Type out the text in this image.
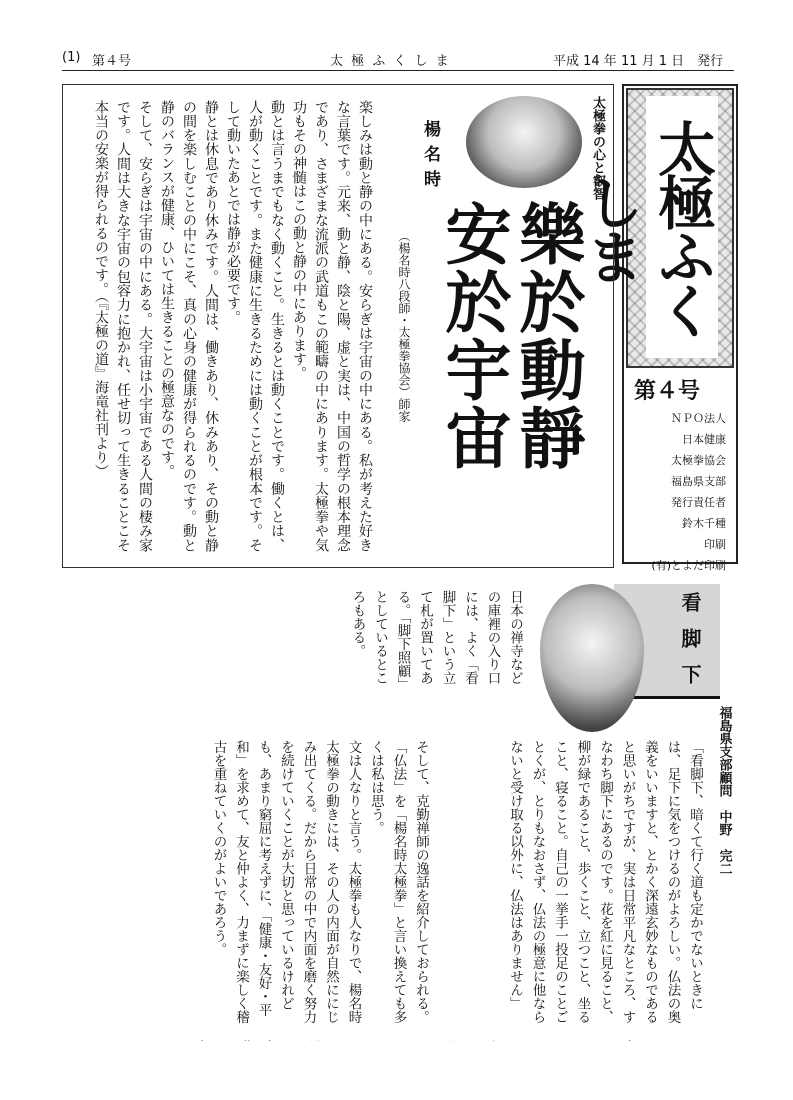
(1) 第４号	太 極 ふ く し ま	平成 14 年 11 月 1 日　発行
太極ふくしま
第４号
ＮＰＯ法人
日本健康
太極拳協会
福島県支部
発行責任者
鈴木千種
印刷
(有)とよだ印刷
太極拳の心と叡智
楊名時
（楊名時八段師・太極拳協会）師家 樂於動靜
安於宇宙

楽しみは動と静の中にある。安らぎは宇宙の中にある。私が考えた好きな言葉です。元来、動と静、陰と陽、虚と実は、中国の哲学の根本理念であり、さまざまな流派の武道もこの範疇の中にあります。太極拳や気功もその神髄はこの動と静の中にあります。

動とは言うまでもなく動くこと。生きるとは動くことです。働くとは、人が動くことです。また健康に生きるためには動くことが根本です。そして動いたあとでは静が必要です。

静とは休息であり休みです。人間は、働きあり、休みあり、その動と静の間を楽しむことの中にこそ、真の心身の健康が得られるのです。動と静のバランスが健康、ひいては生きることの極意なのです。

そして、安らぎは宇宙の中にある。大宇宙は小宇宙である人間の棲み家です。人間は大きな宇宙の包容力に抱かれ、任せ切って生きることこそ本当の安楽が得られるのです。（『太極の道』海竜社刊より）

看脚下
福島県支部顧問　中野　完二

「看脚下、暗くて行く道も定かでないときには、足下に気をつけるのがよろしい。仏法の奥義をいいますと、とかく深遠玄妙なものであると思いがちですが、実は日常平凡なところ、すなわち脚下にあるのです。花を紅に見ること、柳が緑であること、歩くこと、立つこと、坐ること、寝ること。自己の一挙手一投足のことごとくが、とりもなおさず、仏法の極意に他ならないと受け取る以外に、仏法はありません」

日本の禅寺などの庫裡の入り口には、よく「看脚下」という立て札が置いてある。「脚下照顧」としているところもある。

そして、克勤禅師の逸話を紹介しておられる。「仏法」を「楊名時太極拳」と言い換えても多くは私は思う。

文は人なりと言う。太極拳も人なりで、楊名時太極拳の動きには、その人の内面が自然ににじみ出てくる。だから日常の中で内面を磨く努力を続けていくことが大切と思っているけれども、あまり窮屈に考えずに、「健康・友好・平和」を求めて、友と仲よく、力まずに楽しく稽古を重ねていくのがよいであろう。
